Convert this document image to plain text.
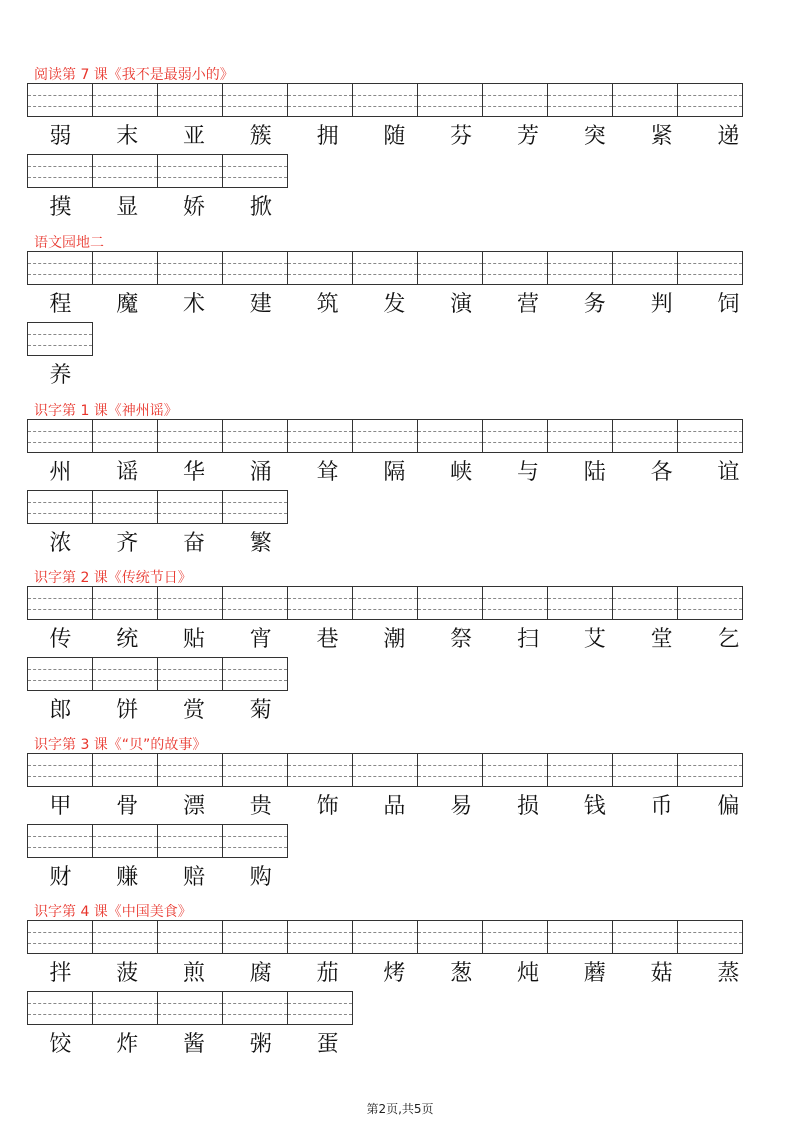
阅读第 7 课《我不是最弱小的》
弱	末	亚	簇	拥	随	芬	芳	突	紧	递
摸	显	娇	掀
语文园地二
程	魔	术	建	筑	发	演	营	务	判	饲
养
识字第 1 课《神州谣》
州	谣	华	涌	耸	隔	峡	与	陆	各	谊
浓	齐	奋	繁
识字第 2 课《传统节日》
传	统	贴	宵	巷	潮	祭	扫	艾	堂	乞
郎	饼	赏	菊
识字第 3 课《“贝”的故事》
甲	骨	漂	贵	饰	品	易	损	钱	币	偏
财	赚	赔	购
识字第 4 课《中国美食》
拌	菠	煎	腐	茄	烤	葱	炖	蘑	菇	蒸
饺	炸	酱	粥	蛋
第2页,共5页
